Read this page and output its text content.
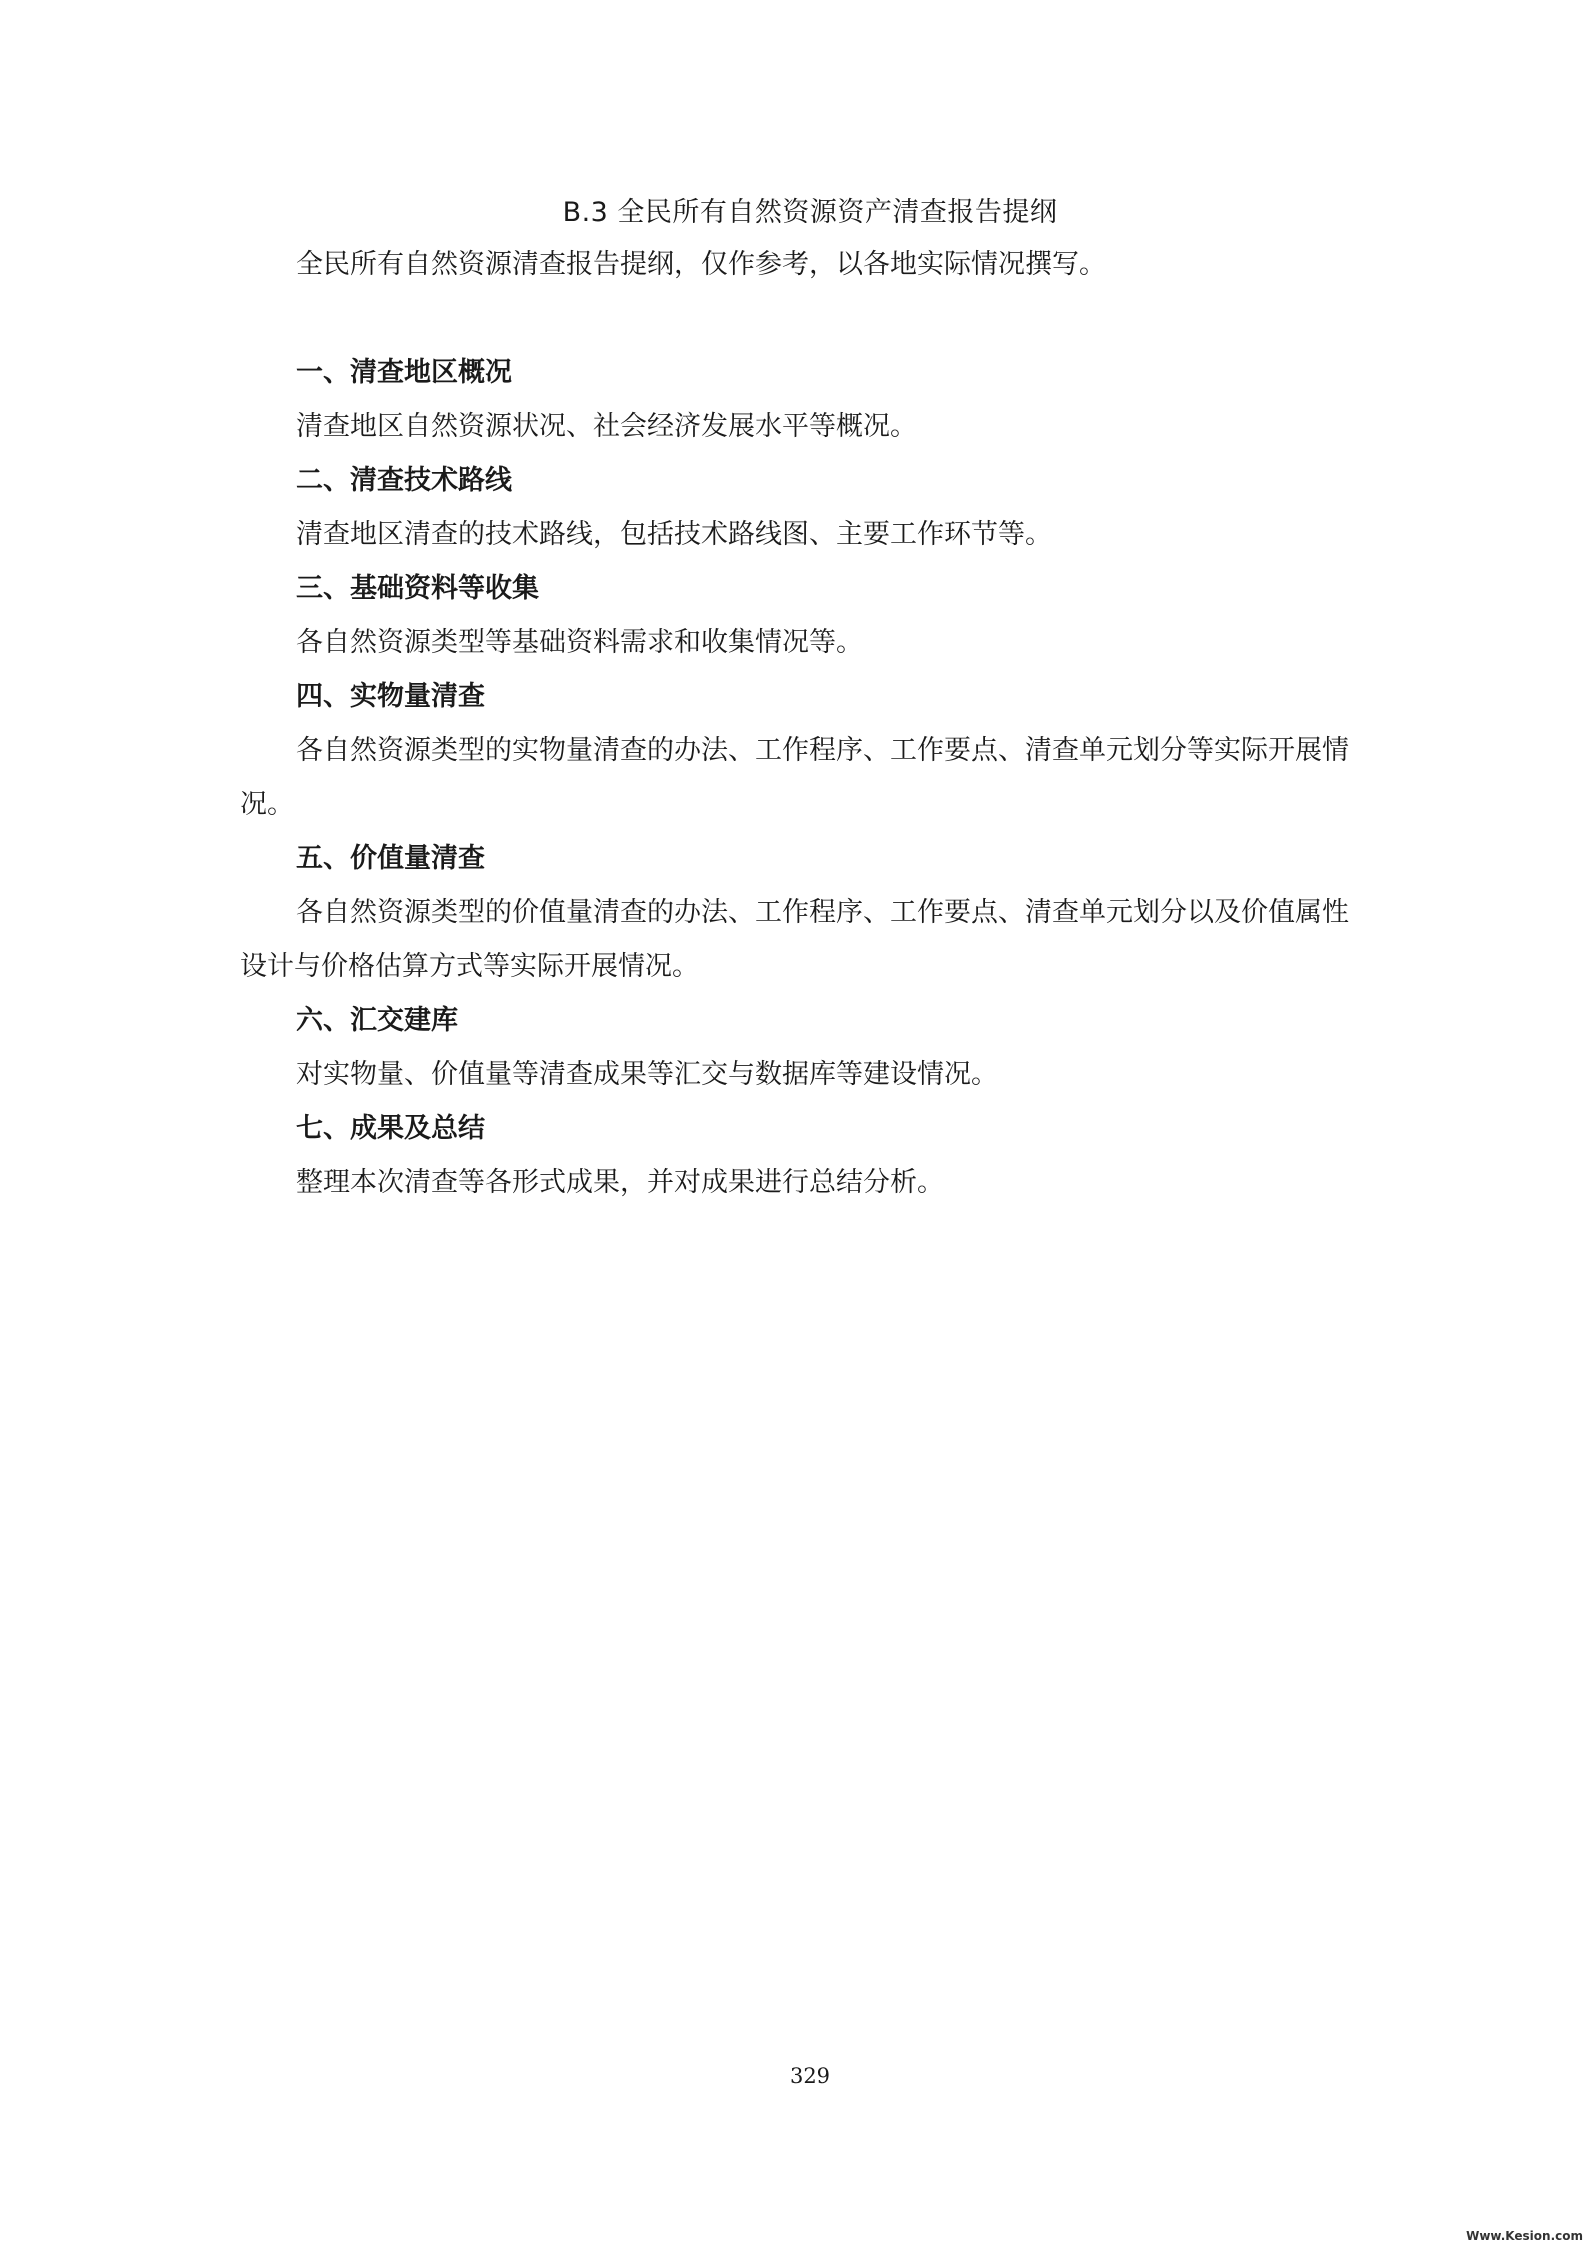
B.3 全民所有自然资源资产清查报告提纲

全民所有自然资源清查报告提纲，仅作参考，以各地实际情况撰写。

一、清查地区概况

清查地区自然资源状况、社会经济发展水平等概况。

二、清查技术路线

清查地区清查的技术路线，包括技术路线图、主要工作环节等。

三、基础资料等收集

各自然资源类型等基础资料需求和收集情况等。

四、实物量清查

各自然资源类型的实物量清查的办法、工作程序、工作要点、清查单元划分等实际开展情况。

五、价值量清查

各自然资源类型的价值量清查的办法、工作程序、工作要点、清查单元划分以及价值属性设计与价格估算方式等实际开展情况。

六、汇交建库

对实物量、价值量等清查成果等汇交与数据库等建设情况。

七、成果及总结

整理本次清查等各形式成果，并对成果进行总结分析。

329
Www.Kesion.com
